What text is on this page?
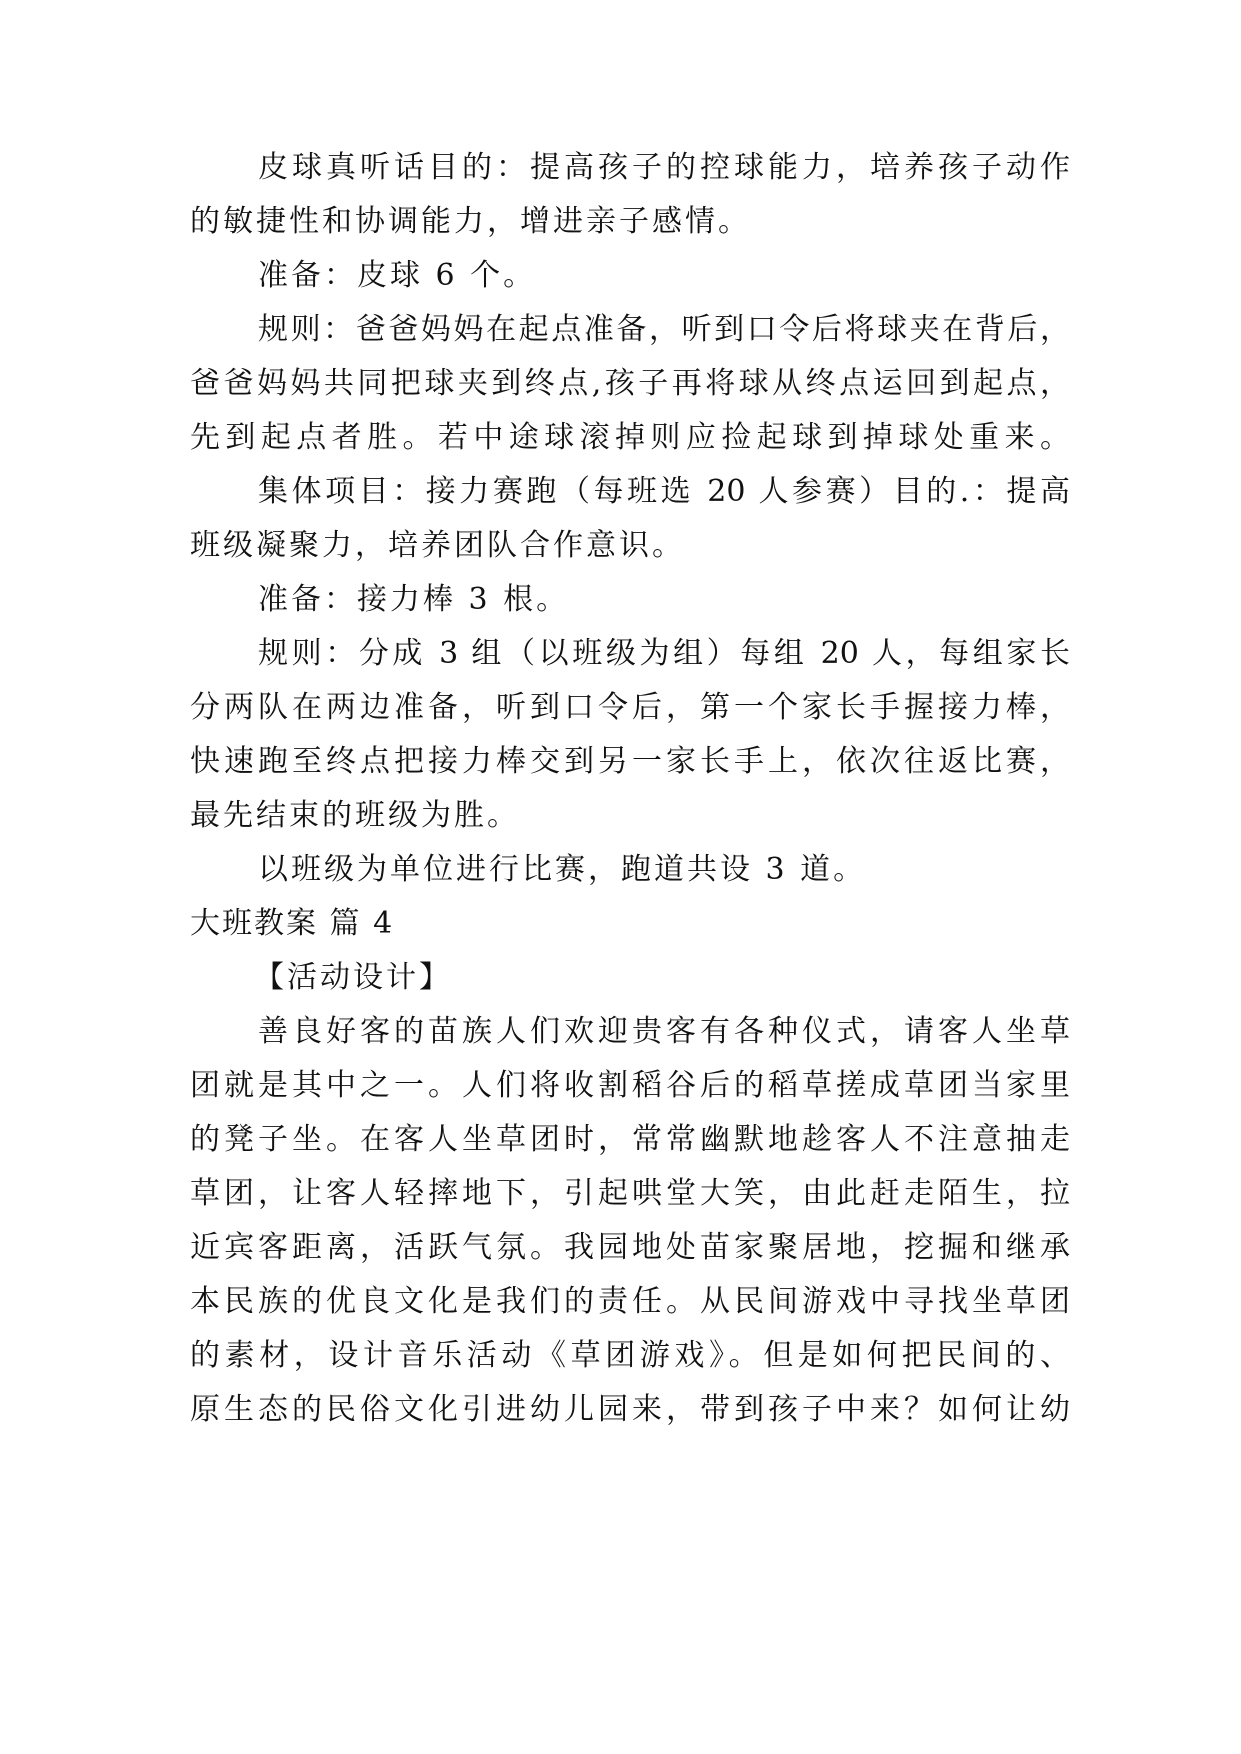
皮球真听话目的：提高孩子的控球能力，培养孩子动作
的敏捷性和协调能力，增进亲子感情。
准备：皮球 6 个。
规则：爸爸妈妈在起点准备，听到口令后将球夹在背后，
爸爸妈妈共同把球夹到终点,孩子再将球从终点运回到起点，
先到起点者胜。若中途球滚掉则应捡起球到掉球处重来。
集体项目：接力赛跑（每班选 20 人参赛）目的.：提高
班级凝聚力，培养团队合作意识。
准备：接力棒 3 根。
规则：分成 3 组（以班级为组）每组 20 人，每组家长
分两队在两边准备，听到口令后，第一个家长手握接力棒，
快速跑至终点把接力棒交到另一家长手上，依次往返比赛，
最先结束的班级为胜。
以班级为单位进行比赛，跑道共设 3 道。
大班教案 篇 4
【活动设计】
善良好客的苗族人们欢迎贵客有各种仪式，请客人坐草
团就是其中之一。人们将收割稻谷后的稻草搓成草团当家里
的凳子坐。在客人坐草团时，常常幽默地趁客人不注意抽走
草团，让客人轻摔地下，引起哄堂大笑，由此赶走陌生，拉
近宾客距离，活跃气氛。我园地处苗家聚居地，挖掘和继承
本民族的优良文化是我们的责任。从民间游戏中寻找坐草团
的素材，设计音乐活动《草团游戏》。但是如何把民间的、
原生态的民俗文化引进幼儿园来，带到孩子中来？如何让幼
